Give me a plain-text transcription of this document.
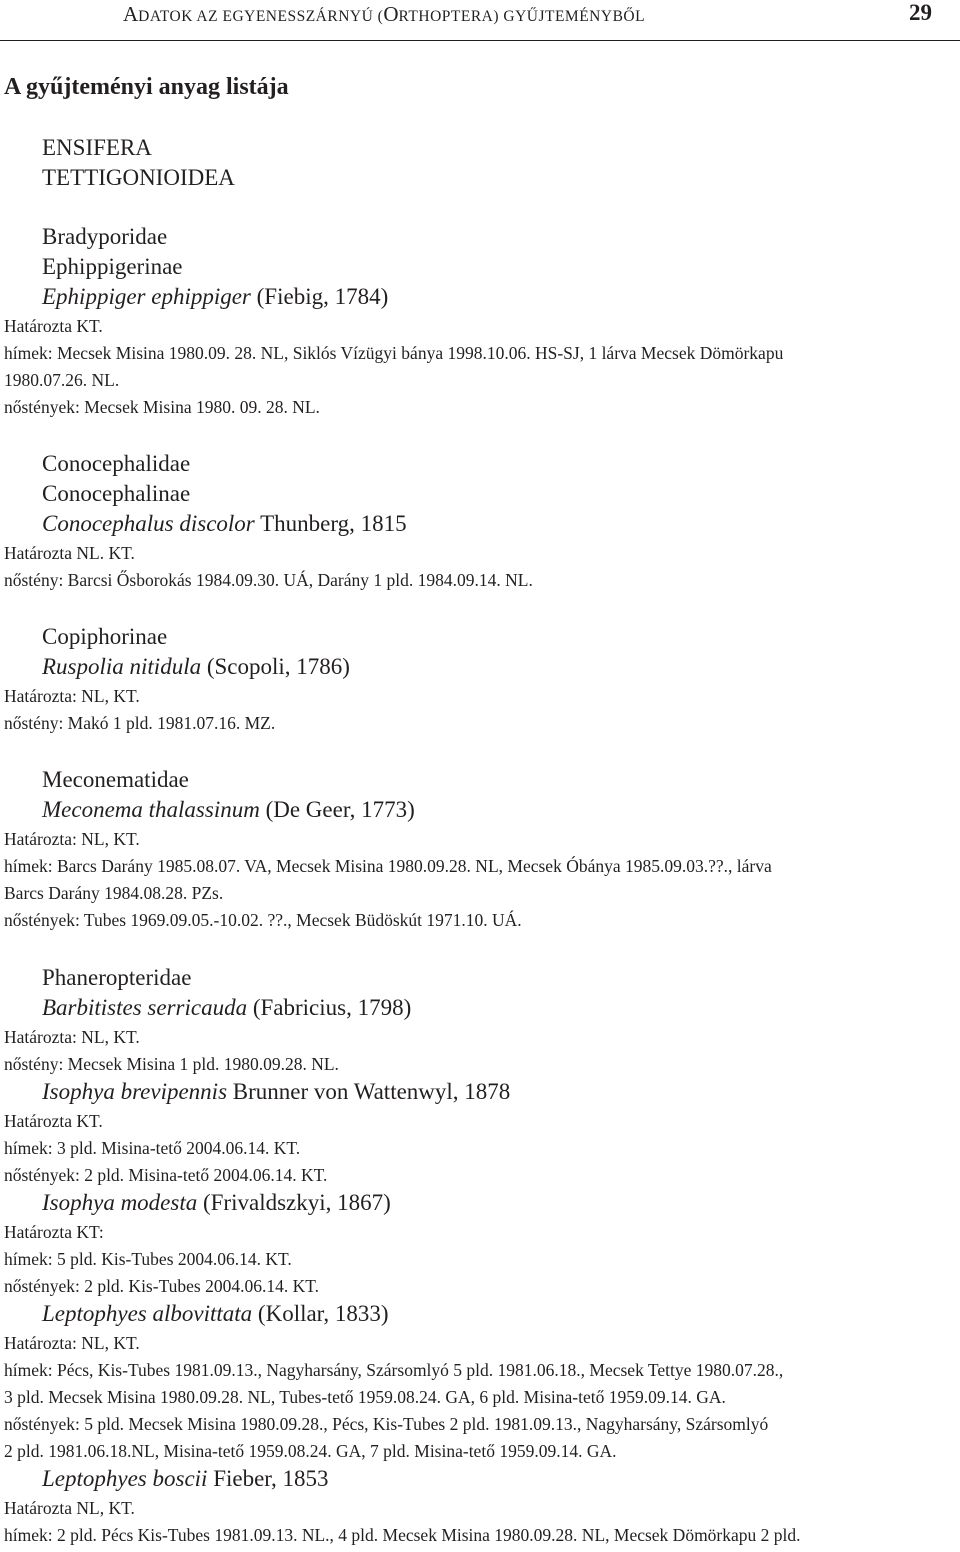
ADATOK AZ EGYENESSZÁRNYÚ (ORTHOPTERA) GYŰJTEMÉNYBŐL	29
A gyűjteményi anyag listája
ENSIFERA
TETTIGONIOIDEA
Bradyporidae
Ephippigerinae
Ephippiger ephippiger (Fiebig, 1784)
Határozta KT.
hímek: Mecsek Misina 1980.09. 28. NL, Siklós Vízügyi bánya 1998.10.06. HS-SJ, 1 lárva Mecsek Dömörkapu
1980.07.26. NL.
nőstények: Mecsek Misina 1980. 09. 28. NL.
Conocephalidae
Conocephalinae
Conocephalus discolor Thunberg, 1815
Határozta NL. KT.
nőstény: Barcsi Ősborokás 1984.09.30. UÁ, Darány 1 pld. 1984.09.14. NL.
Copiphorinae
Ruspolia nitidula (Scopoli, 1786)
Határozta: NL, KT.
nőstény: Makó 1 pld. 1981.07.16. MZ.
Meconematidae
Meconema thalassinum (De Geer, 1773)
Határozta: NL, KT.
hímek: Barcs Darány 1985.08.07. VA, Mecsek Misina 1980.09.28. NL, Mecsek Óbánya 1985.09.03.??., lárva
Barcs Darány 1984.08.28. PZs.
nőstények: Tubes 1969.09.05.-10.02. ??., Mecsek Büdöskút 1971.10. UÁ.
Phaneropteridae
Barbitistes serricauda (Fabricius, 1798)
Határozta: NL, KT.
nőstény: Mecsek Misina 1 pld. 1980.09.28. NL.
Isophya brevipennis Brunner von Wattenwyl, 1878
Határozta KT.
hímek: 3 pld. Misina-tető 2004.06.14. KT.
nőstények: 2 pld. Misina-tető 2004.06.14. KT.
Isophya modesta (Frivaldszkyi, 1867)
Határozta KT:
hímek: 5 pld. Kis-Tubes 2004.06.14. KT.
nőstények: 2 pld. Kis-Tubes 2004.06.14. KT.
Leptophyes albovittata (Kollar, 1833)
Határozta: NL, KT.
hímek: Pécs, Kis-Tubes 1981.09.13., Nagyharsány, Szársomlyó 5 pld. 1981.06.18., Mecsek Tettye 1980.07.28.,
3 pld. Mecsek Misina 1980.09.28. NL, Tubes-tető 1959.08.24. GA, 6 pld. Misina-tető 1959.09.14. GA.
nőstények: 5 pld. Mecsek Misina 1980.09.28., Pécs, Kis-Tubes 2 pld. 1981.09.13., Nagyharsány, Szársomlyó
2 pld. 1981.06.18.NL, Misina-tető 1959.08.24. GA, 7 pld. Misina-tető 1959.09.14. GA.
Leptophyes boscii Fieber, 1853
Határozta NL, KT.
hímek: 2 pld. Pécs Kis-Tubes 1981.09.13. NL., 4 pld. Mecsek Misina 1980.09.28. NL, Mecsek Dömörkapu 2 pld.
